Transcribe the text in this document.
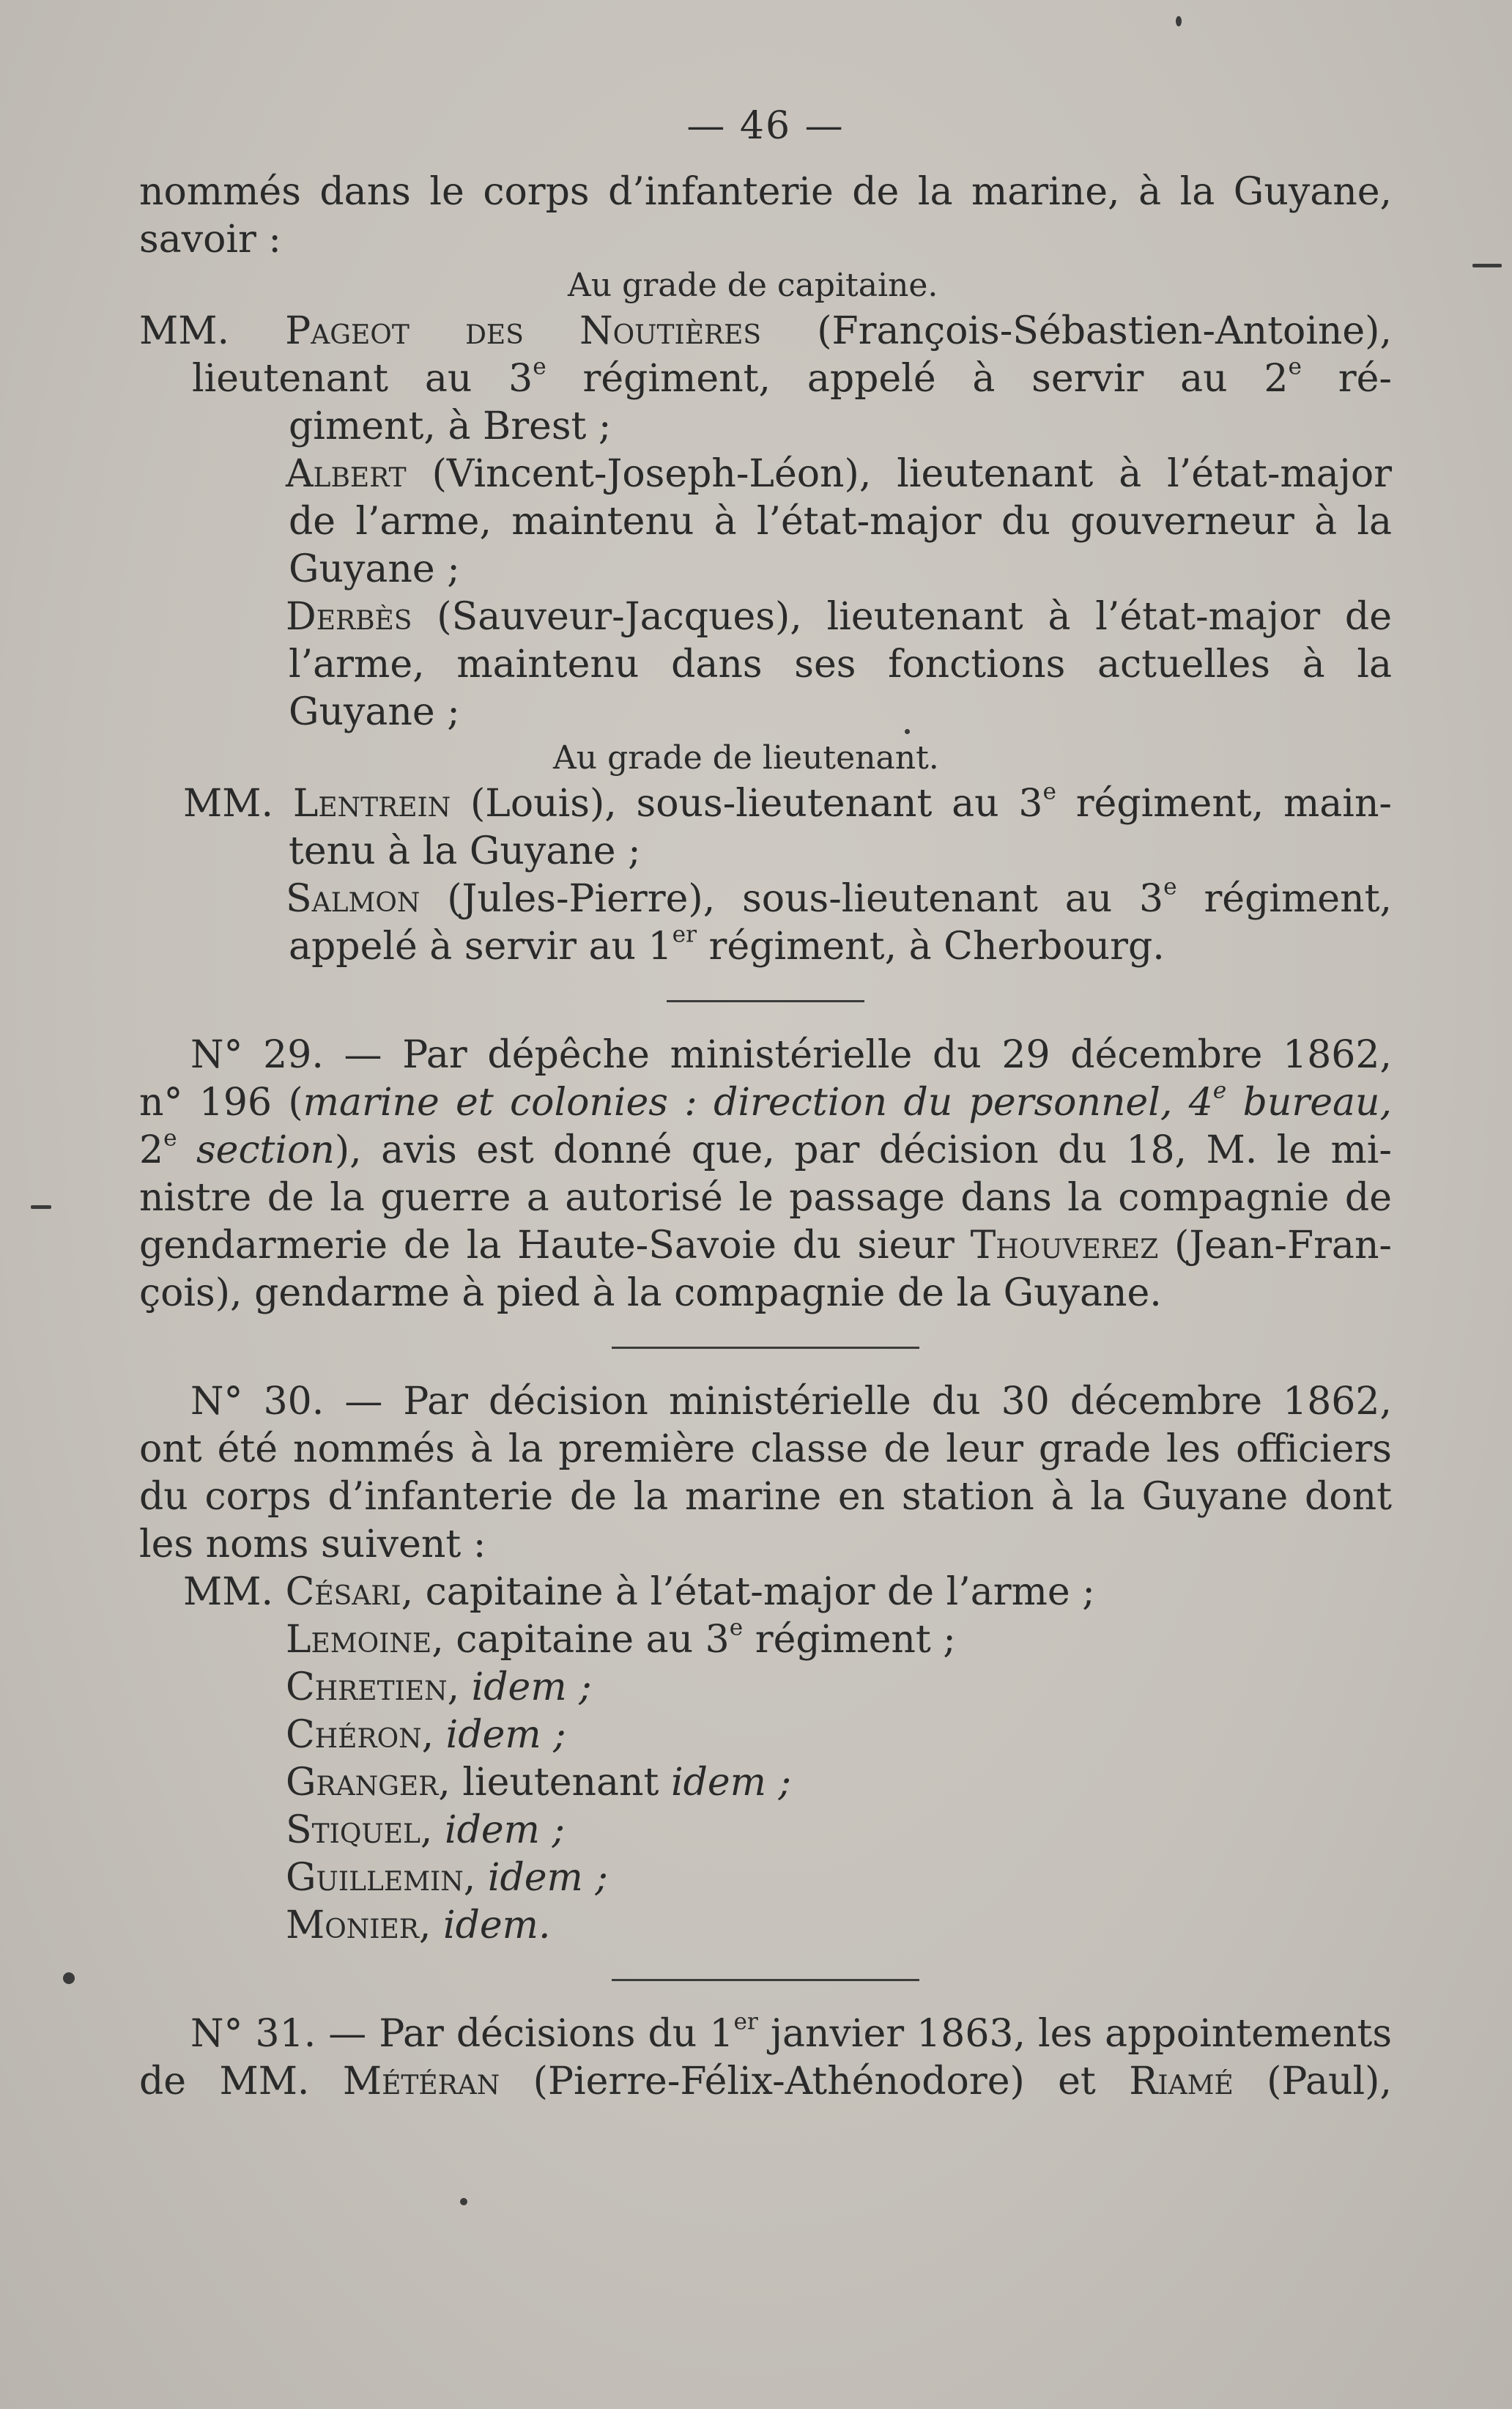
— 46 —
nommés dans le corps d’infanterie de la marine, à la Guyane,
savoir :
Au grade de capitaine.
MM. Pageot des Noutières (François-Sébastien-Antoine),
lieutenant au 3e régiment, appelé à servir au 2e ré-
giment, à Brest ;
Albert (Vincent-Joseph-Léon), lieutenant à l’état-major
de l’arme, maintenu à l’état-major du gouverneur à la
Guyane ;
Derbès (Sauveur-Jacques), lieutenant à l’état-major de
l’arme, maintenu dans ses fonctions actuelles à la
Guyane ;
Au grade de lieutenant.
MM. Lentrein (Louis), sous-lieutenant au 3e régiment, main-
tenu à la Guyane ;
Salmon (Jules-Pierre), sous-lieutenant au 3e régiment,
appelé à servir au 1er régiment, à Cherbourg.
N° 29. — Par dépêche ministérielle du 29 décembre 1862,
n° 196 (marine et colonies : direction du personnel, 4e bureau,
2e section), avis est donné que, par décision du 18, M. le mi-
nistre de la guerre a autorisé le passage dans la compagnie de
gendarmerie de la Haute-Savoie du sieur Thouverez (Jean-Fran-
çois), gendarme à pied à la compagnie de la Guyane.
N° 30. — Par décision ministérielle du 30 décembre 1862,
ont été nommés à la première classe de leur grade les officiers
du corps d’infanterie de la marine en station à la Guyane dont
les noms suivent :
MM. Césari, capitaine à l’état-major de l’arme ;
Lemoine, capitaine au 3e régiment ;
Chretien, idem ;
Chéron, idem ;
Granger, lieutenant idem ;
Stiquel, idem ;
Guillemin, idem ;
Monier, idem.
N° 31. — Par décisions du 1er janvier 1863, les appointements
de MM. Météran (Pierre-Félix-Athénodore) et Riamé (Paul),
